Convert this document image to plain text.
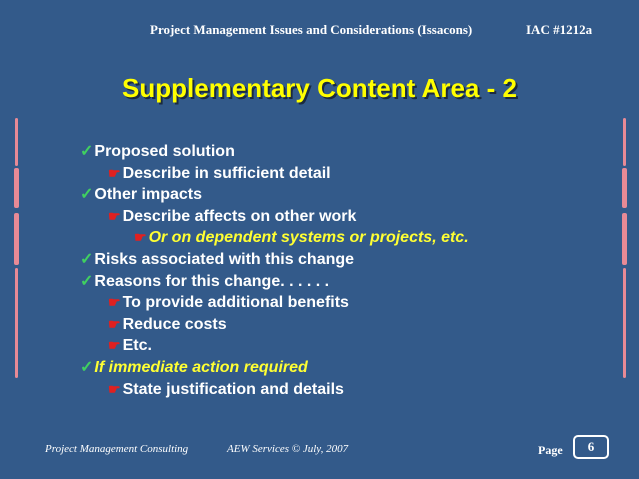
Project Management Issues and Considerations (Issacons)	IAC #1212a
Supplementary Content Area - 2
✓Proposed solution
☛ Describe in sufficient detail
✓Other impacts
☛ Describe affects on other work
☛ Or on dependent systems or projects, etc.
✓Risks associated with this change
✓Reasons for this change. . . . . .
☛ To provide additional benefits
☛ Reduce costs
☛ Etc.
✓If immediate action required
☛ State justification and details
Project Management Consulting	AEW Services © July, 2007	Page	6
